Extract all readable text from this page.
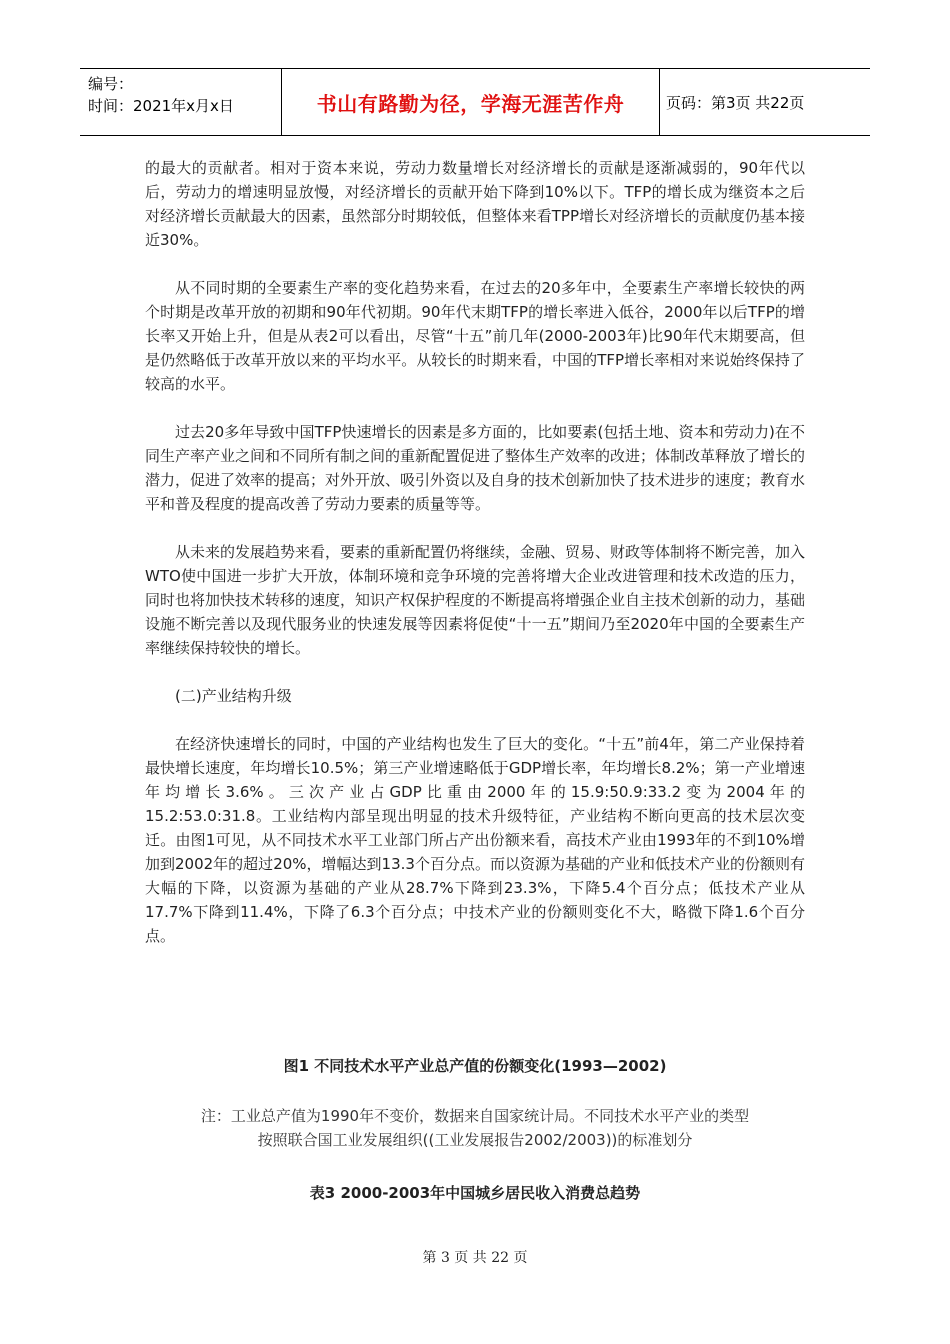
编号：
时间：2021年x月x日	书山有路勤为径，学海无涯苦作舟	页码：第3页 共22页

的最大的贡献者。相对于资本来说，劳动力数量增长对经济增长的贡献是逐渐减弱的，90年代以后，劳动力的增速明显放慢，对经济增长的贡献开始下降到10%以下。TFP的增长成为继资本之后对经济增长贡献最大的因素，虽然部分时期较低，但整体来看TPP增长对经济增长的贡献度仍基本接近30%。

从不同时期的全要素生产率的变化趋势来看，在过去的20多年中，全要素生产率增长较快的两个时期是改革开放的初期和90年代初期。90年代末期TFP的增长率进入低谷，2000年以后TFP的增长率又开始上升，但是从表2可以看出，尽管“十五”前几年(2000-2003年)比90年代末期要高，但是仍然略低于改革开放以来的平均水平。从较长的时期来看，中国的TFP增长率相对来说始终保持了较高的水平。

过去20多年导致中国TFP快速增长的因素是多方面的，比如要素(包括土地、资本和劳动力)在不同生产率产业之间和不同所有制之间的重新配置促进了整体生产效率的改进；体制改革释放了增长的潜力，促进了效率的提高；对外开放、吸引外资以及自身的技术创新加快了技术进步的速度；教育水平和普及程度的提高改善了劳动力要素的质量等等。

从未来的发展趋势来看，要素的重新配置仍将继续，金融、贸易、财政等体制将不断完善，加入WTO使中国进一步扩大开放，体制环境和竞争环境的完善将增大企业改进管理和技术改造的压力，同时也将加快技术转移的速度，知识产权保护程度的不断提高将增强企业自主技术创新的动力，基础设施不断完善以及现代服务业的快速发展等因素将促使“十一五”期间乃至2020年中国的全要素生产率继续保持较快的增长。

(二)产业结构升级

在经济快速增长的同时，中国的产业结构也发生了巨大的变化。“十五”前4年，第二产业保持着最快增长速度，年均增长10.5%；第三产业增速略低于GDP增长率，年均增长8.2%；第一产业增速年均增长3.6%。三次产业占GDP比重由2000年的15.9:50.9:33.2变为2004年的15.2:53.0:31.8。工业结构内部呈现出明显的技术升级特征，产业结构不断向更高的技术层次变迁。由图1可见，从不同技术水平工业部门所占产出份额来看，高技术产业由1993年的不到10%增加到2002年的超过20%，增幅达到13.3个百分点。而以资源为基础的产业和低技术产业的份额则有大幅的下降，以资源为基础的产业从28.7%下降到23.3%，下降5.4个百分点；低技术产业从17.7%下降到11.4%，下降了6.3个百分点；中技术产业的份额则变化不大，略微下降1.6个百分点。

图1 不同技术水平产业总产值的份额变化(1993—2002)
注：工业总产值为1990年不变价，数据来自国家统计局。不同技术水平产业的类型
按照联合国工业发展组织((工业发展报告2002/2003))的标准划分
表3 2000-2003年中国城乡居民收入消费总趋势
第 3 页 共 22 页
